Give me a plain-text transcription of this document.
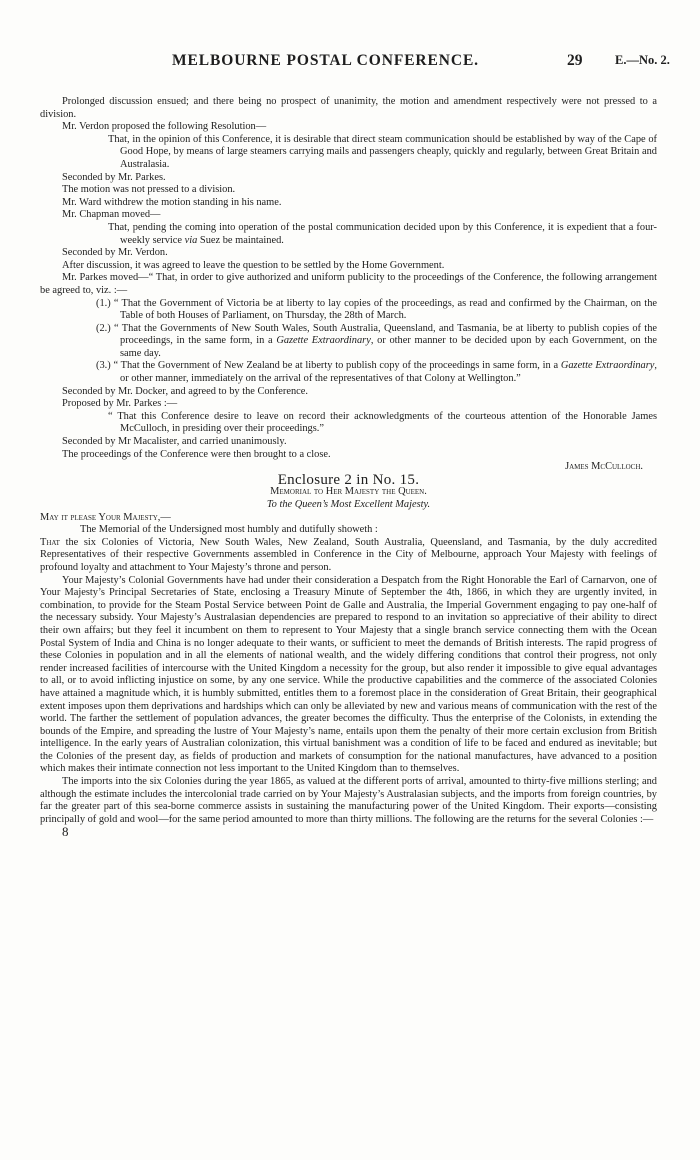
MELBOURNE POSTAL CONFERENCE.	29	E.—No. 2.

Prolonged discussion ensued; and there being no prospect of unanimity, the motion and amendment respectively were not pressed to a division.

Mr. Verdon proposed the following Resolution—

That, in the opinion of this Conference, it is desirable that direct steam communication should be established by way of the Cape of Good Hope, by means of large steamers carrying mails and passengers cheaply, quickly and regularly, between Great Britain and Australasia.

Seconded by Mr. Parkes.

The motion was not pressed to a division.

Mr. Ward withdrew the motion standing in his name.

Mr. Chapman moved—

That, pending the coming into operation of the postal communication decided upon by this Conference, it is expedient that a four-weekly service via Suez be maintained.

Seconded by Mr. Verdon.

After discussion, it was agreed to leave the question to be settled by the Home Government.

Mr. Parkes moved—“ That, in order to give authorized and uniform publicity to the proceedings of the Conference, the following arrangement be agreed to, viz. :—

(1.) “ That the Government of Victoria be at liberty to lay copies of the proceedings, as read and confirmed by the Chairman, on the Table of both Houses of Parliament, on Thursday, the 28th of March.

(2.) “ That the Governments of New South Wales, South Australia, Queensland, and Tasmania, be at liberty to publish copies of the proceedings, in the same form, in a Gazette Extraordinary, or other manner to be decided upon by each Government, on the same day.

(3.) “ That the Government of New Zealand be at liberty to publish copy of the proceedings in same form, in a Gazette Extraordinary, or other manner, immediately on the arrival of the representatives of that Colony at Wellington.”

Seconded by Mr. Docker, and agreed to by the Conference.

Proposed by Mr. Parkes :—

“ That this Conference desire to leave on record their acknowledgments of the courteous attention of the Honorable James McCulloch, in presiding over their proceedings.”

Seconded by Mr Macalister, and carried unanimously.

The proceedings of the Conference were then brought to a close.

James McCulloch.

Enclosure 2 in No. 15.

Memorial to Her Majesty the Queen.

To the Queen’s Most Excellent Majesty.

May it please Your Majesty,—

The Memorial of the Undersigned most humbly and dutifully showeth :

That the six Colonies of Victoria, New South Wales, New Zealand, South Australia, Queensland, and Tasmania, by the duly accredited Representatives of their respective Governments assembled in Conference in the City of Melbourne, approach Your Majesty with feelings of profound loyalty and attachment to Your Majesty’s throne and person.

Your Majesty’s Colonial Governments have had under their consideration a Despatch from the Right Honorable the Earl of Carnarvon, one of Your Majesty’s Principal Secretaries of State, enclosing a Treasury Minute of September the 4th, 1866, in which they are urgently invited, in combination, to provide for the Steam Postal Service between Point de Galle and Australia, the Imperial Government engaging to pay one-half of the necessary subsidy. Your Majesty’s Australasian dependencies are prepared to respond to an invitation so appreciative of their ability to direct their own affairs; but they feel it incumbent on them to represent to Your Majesty that a single branch service connecting them with the Ocean Postal System of India and China is no longer adequate to their wants, or sufficient to meet the demands of British interests. The rapid progress of these Colonies in population and in all the elements of national wealth, and the widely differing conditions that control their progress, not only render increased facilities of intercourse with the United Kingdom a necessity for the group, but also render it impossible to give equal advantages to all, or to avoid inflicting injustice on some, by any one service. While the productive capabilities and the commerce of the associated Colonies have attained a magnitude which, it is humbly submitted, entitles them to a foremost place in the consideration of Great Britain, their geographical extent imposes upon them deprivations and hardships which can only be alleviated by new and various means of communication with the rest of the world. The farther the settlement of population advances, the greater becomes the difficulty. Thus the enterprise of the Colonists, in extending the bounds of the Empire, and spreading the lustre of Your Majesty’s name, entails upon them the penalty of their more certain exclusion from British intelligence. In the early years of Australian colonization, this virtual banishment was a condition of life to be faced and endured as inevitable; but the Colonies of the present day, as fields of production and markets of consumption for the national manufactures, have advanced to a position which makes their intimate connection not less important to the United Kingdom than to themselves.

The imports into the six Colonies during the year 1865, as valued at the different ports of arrival, amounted to thirty-five millions sterling; and although the estimate includes the intercolonial trade carried on by Your Majesty’s Australasian subjects, and the imports from foreign countries, by far the greater part of this sea-borne commerce assists in sustaining the manufacturing power of the United Kingdom. Their exports—consisting principally of gold and wool—for the same period amounted to more than thirty millions. The following are the returns for the several Colonies :—

8
